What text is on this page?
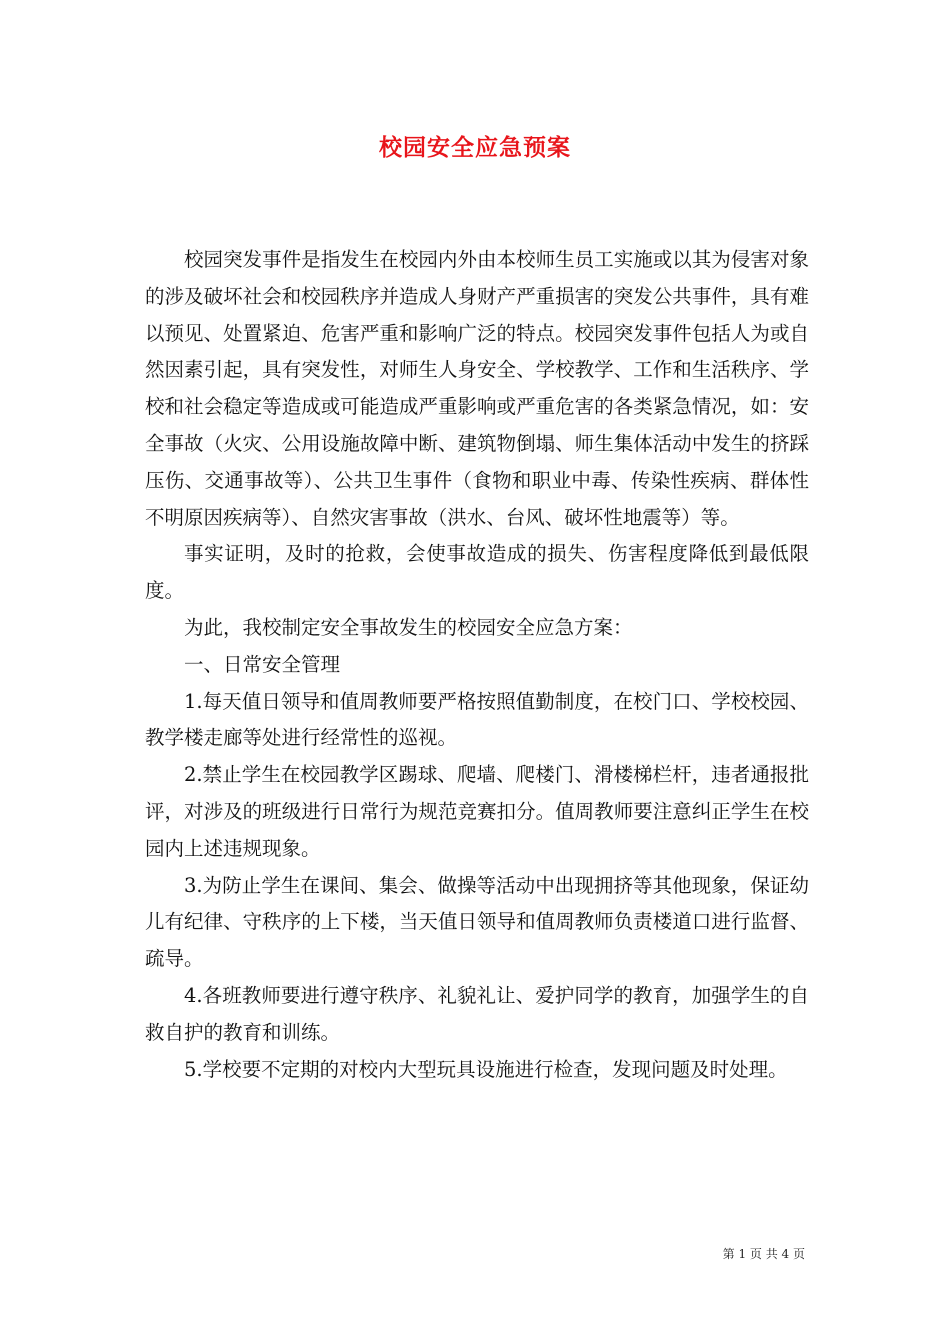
校园安全应急预案

校园突发事件是指发生在校园内外由本校师生员工实施或以其为侵害对象的涉及破坏社会和校园秩序并造成人身财产严重损害的突发公共事件，具有难以预见、处置紧迫、危害严重和影响广泛的特点。校园突发事件包括人为或自然因素引起，具有突发性，对师生人身安全、学校教学、工作和生活秩序、学校和社会稳定等造成或可能造成严重影响或严重危害的各类紧急情况，如：安全事故（火灾、公用设施故障中断、建筑物倒塌、师生集体活动中发生的挤踩压伤、交通事故等）、公共卫生事件（食物和职业中毒、传染性疾病、群体性不明原因疾病等）、自然灾害事故（洪水、台风、破坏性地震等）等。

事实证明，及时的抢救，会使事故造成的损失、伤害程度降低到最低限度。

为此，我校制定安全事故发生的校园安全应急方案：

一、日常安全管理

1.每天值日领导和值周教师要严格按照值勤制度，在校门口、学校校园、教学楼走廊等处进行经常性的巡视。

2.禁止学生在校园教学区踢球、爬墙、爬楼门、滑楼梯栏杆，违者通报批评，对涉及的班级进行日常行为规范竞赛扣分。值周教师要注意纠正学生在校园内上述违规现象。

3.为防止学生在课间、集会、做操等活动中出现拥挤等其他现象，保证幼儿有纪律、守秩序的上下楼，当天值日领导和值周教师负责楼道口进行监督、疏导。

4.各班教师要进行遵守秩序、礼貌礼让、爱护同学的教育，加强学生的自救自护的教育和训练。

5.学校要不定期的对校内大型玩具设施进行检查，发现问题及时处理。

第 1 页 共 4 页
